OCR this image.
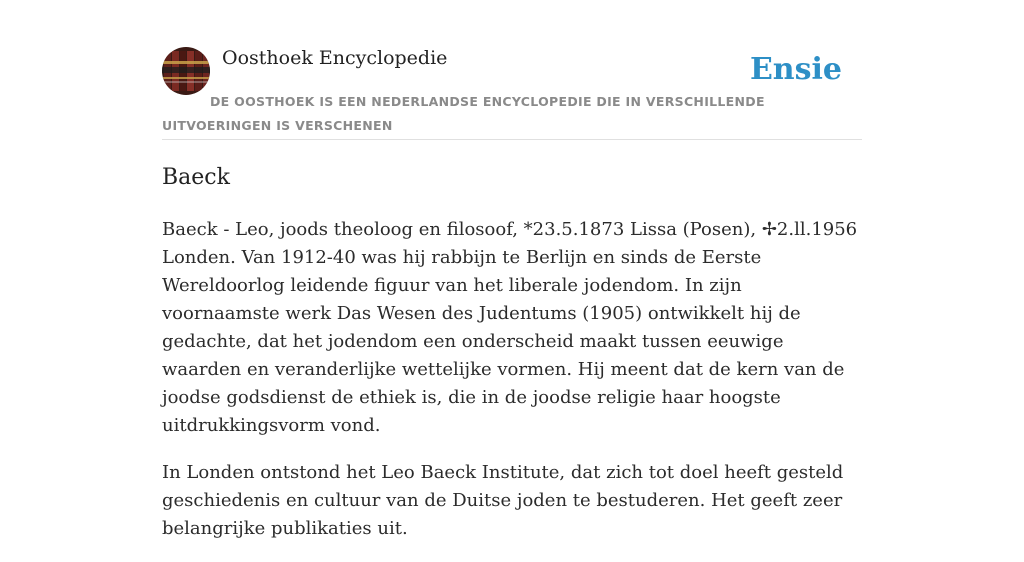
Oosthoek Encyclopedie	Ensie
DE OOSTHOEK IS EEN NEDERLANDSE ENCYCLOPEDIE DIE IN VERSCHILLENDE UITVOERINGEN IS VERSCHENEN
Baeck

Baeck - Leo, joods theoloog en filosoof, *23.5.1873 Lissa (Posen), ✢2.ll.1956 Londen. Van 1912-40 was hij rabbijn te Berlijn en sinds de Eerste Wereldoorlog leidende figuur van het liberale jodendom. In zijn voornaamste werk Das Wesen des Judentums (1905) ontwikkelt hij de gedachte, dat het jodendom een onderscheid maakt tussen eeuwige waarden en veranderlijke wettelijke vormen. Hij meent dat de kern van de joodse godsdienst de ethiek is, die in de joodse religie haar hoogste uitdrukkingsvorm vond.

In Londen ontstond het Leo Baeck Institute, dat zich tot doel heeft gesteld geschiedenis en cultuur van de Duitse joden te bestuderen. Het geeft zeer belangrijke publikaties uit.
